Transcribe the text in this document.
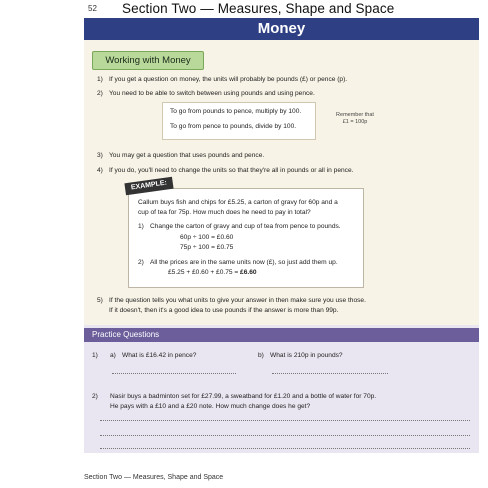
52 Section Two — Measures, Shape and Space
Money
Working with Money
1) If you get a question on money, the units will probably be pounds (£) or pence (p).
2) You need to be able to switch between using pounds and using pence.
To go from pounds to pence, multiply by 100.
To go from pence to pounds, divide by 100.
Remember that
£1 = 100p
3) You may get a question that uses pounds and pence.
4) If you do, you'll need to change the units so that they're all in pounds or all in pence.
EXAMPLE:
Callum buys fish and chips for £5.25, a carton of gravy for 60p and a
cup of tea for 75p. How much does he need to pay in total?
1) Change the carton of gravy and cup of tea from pence to pounds.
60p ÷ 100 = £0.60
75p ÷ 100 = £0.75
2) All the prices are in the same units now (£), so just add them up.
£5.25 + £0.60 + £0.75 = £6.60
5) If the question tells you what units to give your answer in then make sure you use those.
If it doesn't, then it's a good idea to use pounds if the answer is more than 99p.
Practice Questions
1) a) What is £16.42 in pence?	b) What is 210p in pounds?
2) Nasir buys a badminton set for £27.99, a sweatband for £1.20 and a bottle of water for 70p.
He pays with a £10 and a £20 note. How much change does he get?
Section Two — Measures, Shape and Space
